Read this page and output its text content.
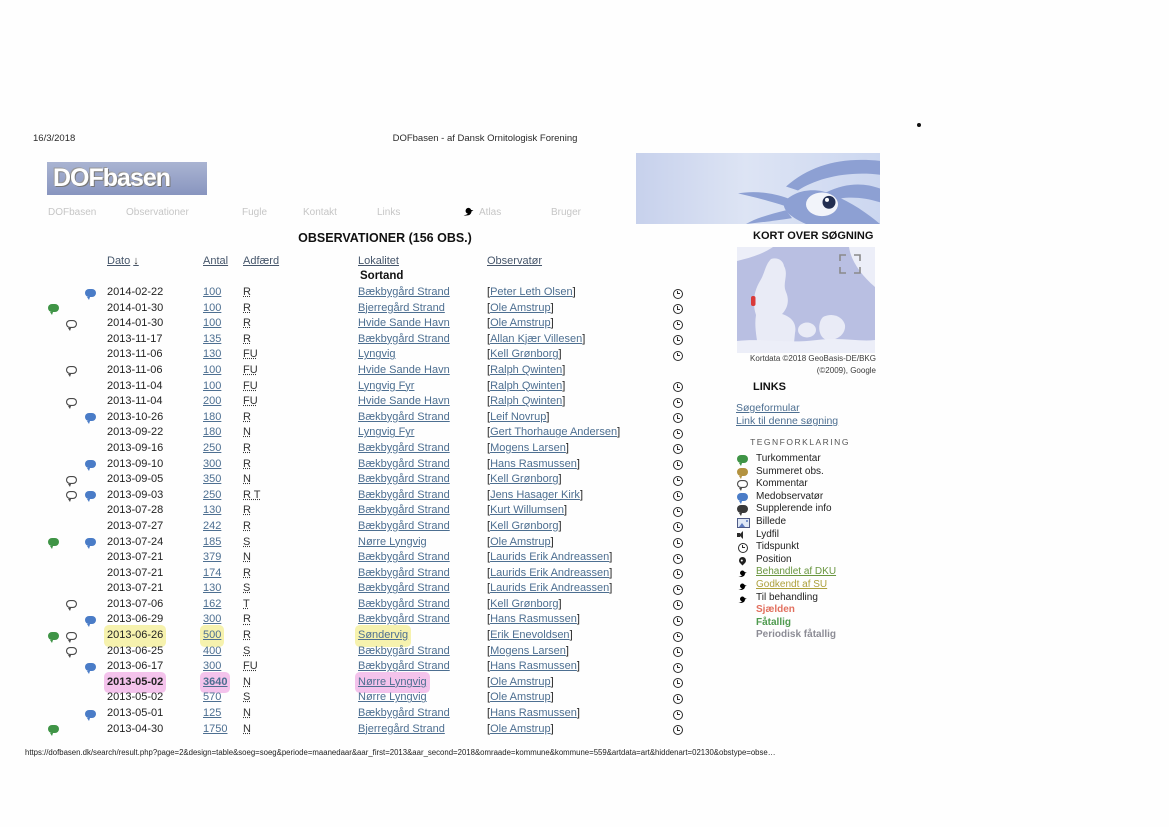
16/3/2018	DOFbasen - af Dansk Ornitologisk Forening
DOFbasen
DOFbasen	Observationer	Fugle	Kontakt	Links	Atlas	Bruger
OBSERVATIONER (156 OBS.)
Dato ↓	Antal Adfærd	Lokalitet	Observatør
Sortand
2014-02-22	100 R	Bækbygård Strand	[Peter Leth Olsen]
2014-01-30	100 R	Bjerregård Strand	[Ole Amstrup]
2014-01-30	100 R	Hvide Sande Havn	[Ole Amstrup]
2013-11-17	135 R	Bækbygård Strand	[Allan Kjær Villesen]
2013-11-06	130 FU	Lyngvig	[Kell Grønborg]
2013-11-06	100 FU	Hvide Sande Havn	[Ralph Qwinten]
2013-11-04	100 FU	Lyngvig Fyr	[Ralph Qwinten]
2013-11-04	200 FU	Hvide Sande Havn	[Ralph Qwinten]
2013-10-26	180 R	Bækbygård Strand	[Leif Novrup]
2013-09-22	180 N	Lyngvig Fyr	[Gert Thorhauge Andersen]
2013-09-16	250 R	Bækbygård Strand	[Mogens Larsen]
2013-09-10	300 R	Bækbygård Strand	[Hans Rasmussen]
2013-09-05	350 N	Bækbygård Strand	[Kell Grønborg]
2013-09-03	250 R T	Bækbygård Strand	[Jens Hasager Kirk]
2013-07-28	130 R	Bækbygård Strand	[Kurt Willumsen]
2013-07-27	242 R	Bækbygård Strand	[Kell Grønborg]
2013-07-24	185 S	Nørre Lyngvig	[Ole Amstrup]
2013-07-21	379 N	Bækbygård Strand	[Laurids Erik Andreassen]
2013-07-21	174 R	Bækbygård Strand	[Laurids Erik Andreassen]
2013-07-21	130 S	Bækbygård Strand	[Laurids Erik Andreassen]
2013-07-06	162 T	Bækbygård Strand	[Kell Grønborg]
2013-06-29	300 R	Bækbygård Strand	[Hans Rasmussen]
2013-06-26	500 R	Søndervig	[Erik Enevoldsen]
2013-06-25	400 S	Bækbygård Strand	[Mogens Larsen]
2013-06-17	300 FU	Bækbygård Strand	[Hans Rasmussen]
2013-05-02	3640 N	Nørre Lyngvig	[Ole Amstrup]
2013-05-02	570 S	Nørre Lyngvig	[Ole Amstrup]
2013-05-01	125 N	Bækbygård Strand	[Hans Rasmussen]
2013-04-30	1750 N	Bjerregård Strand	[Ole Amstrup]
KORT OVER SØGNING
Kortdata ©2018 GeoBasis-DE/BKG
(©2009), Google
LINKS
Søgeformular
Link til denne søgning
TEGNFORKLARING
Turkommentar
Summeret obs.
Kommentar
Medobservatør
Supplerende info
Billede
Lydfil
Tidspunkt
Position
Behandlet af DKU
Godkendt af SU
Til behandling
Sjælden
Fåtallig
Periodisk fåtallig
https://dofbasen.dk/search/result.php?page=2&design=table&soeg=soeg&periode=maanedaar&aar_first=2013&aar_second=2018&omraade=kommune&kommune=559&artdata=art&hiddenart=02130&obstype=obse…
